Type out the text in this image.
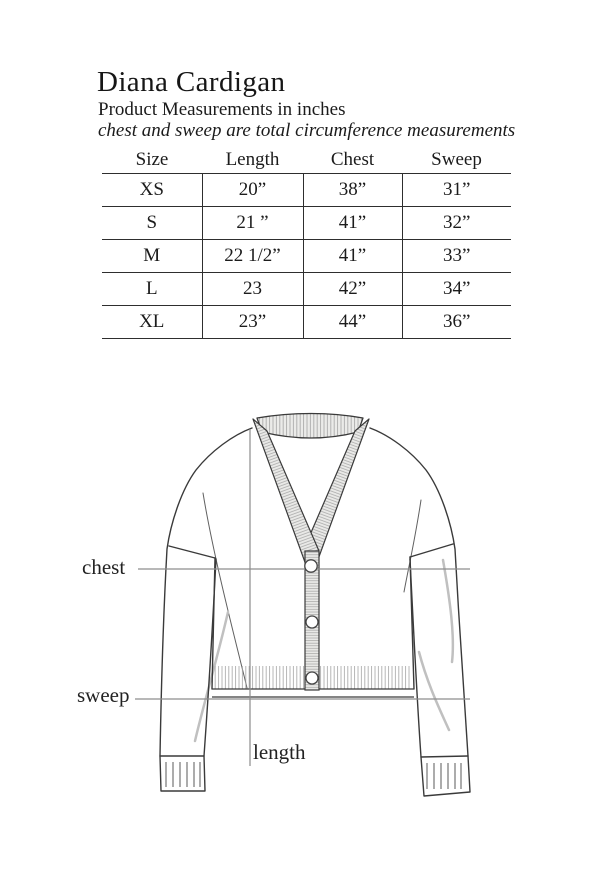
Diana Cardigan
Product Measurements in inches
chest and sweep are total circumference measurements
Size	Length	Chest	Sweep
XS	20”	38”	31”
S	21 ”	41”	32”
M	22 1/2”	41”	33”
L	23	42”	34”
XL	23”	44”	36”
chest
sweep
length
